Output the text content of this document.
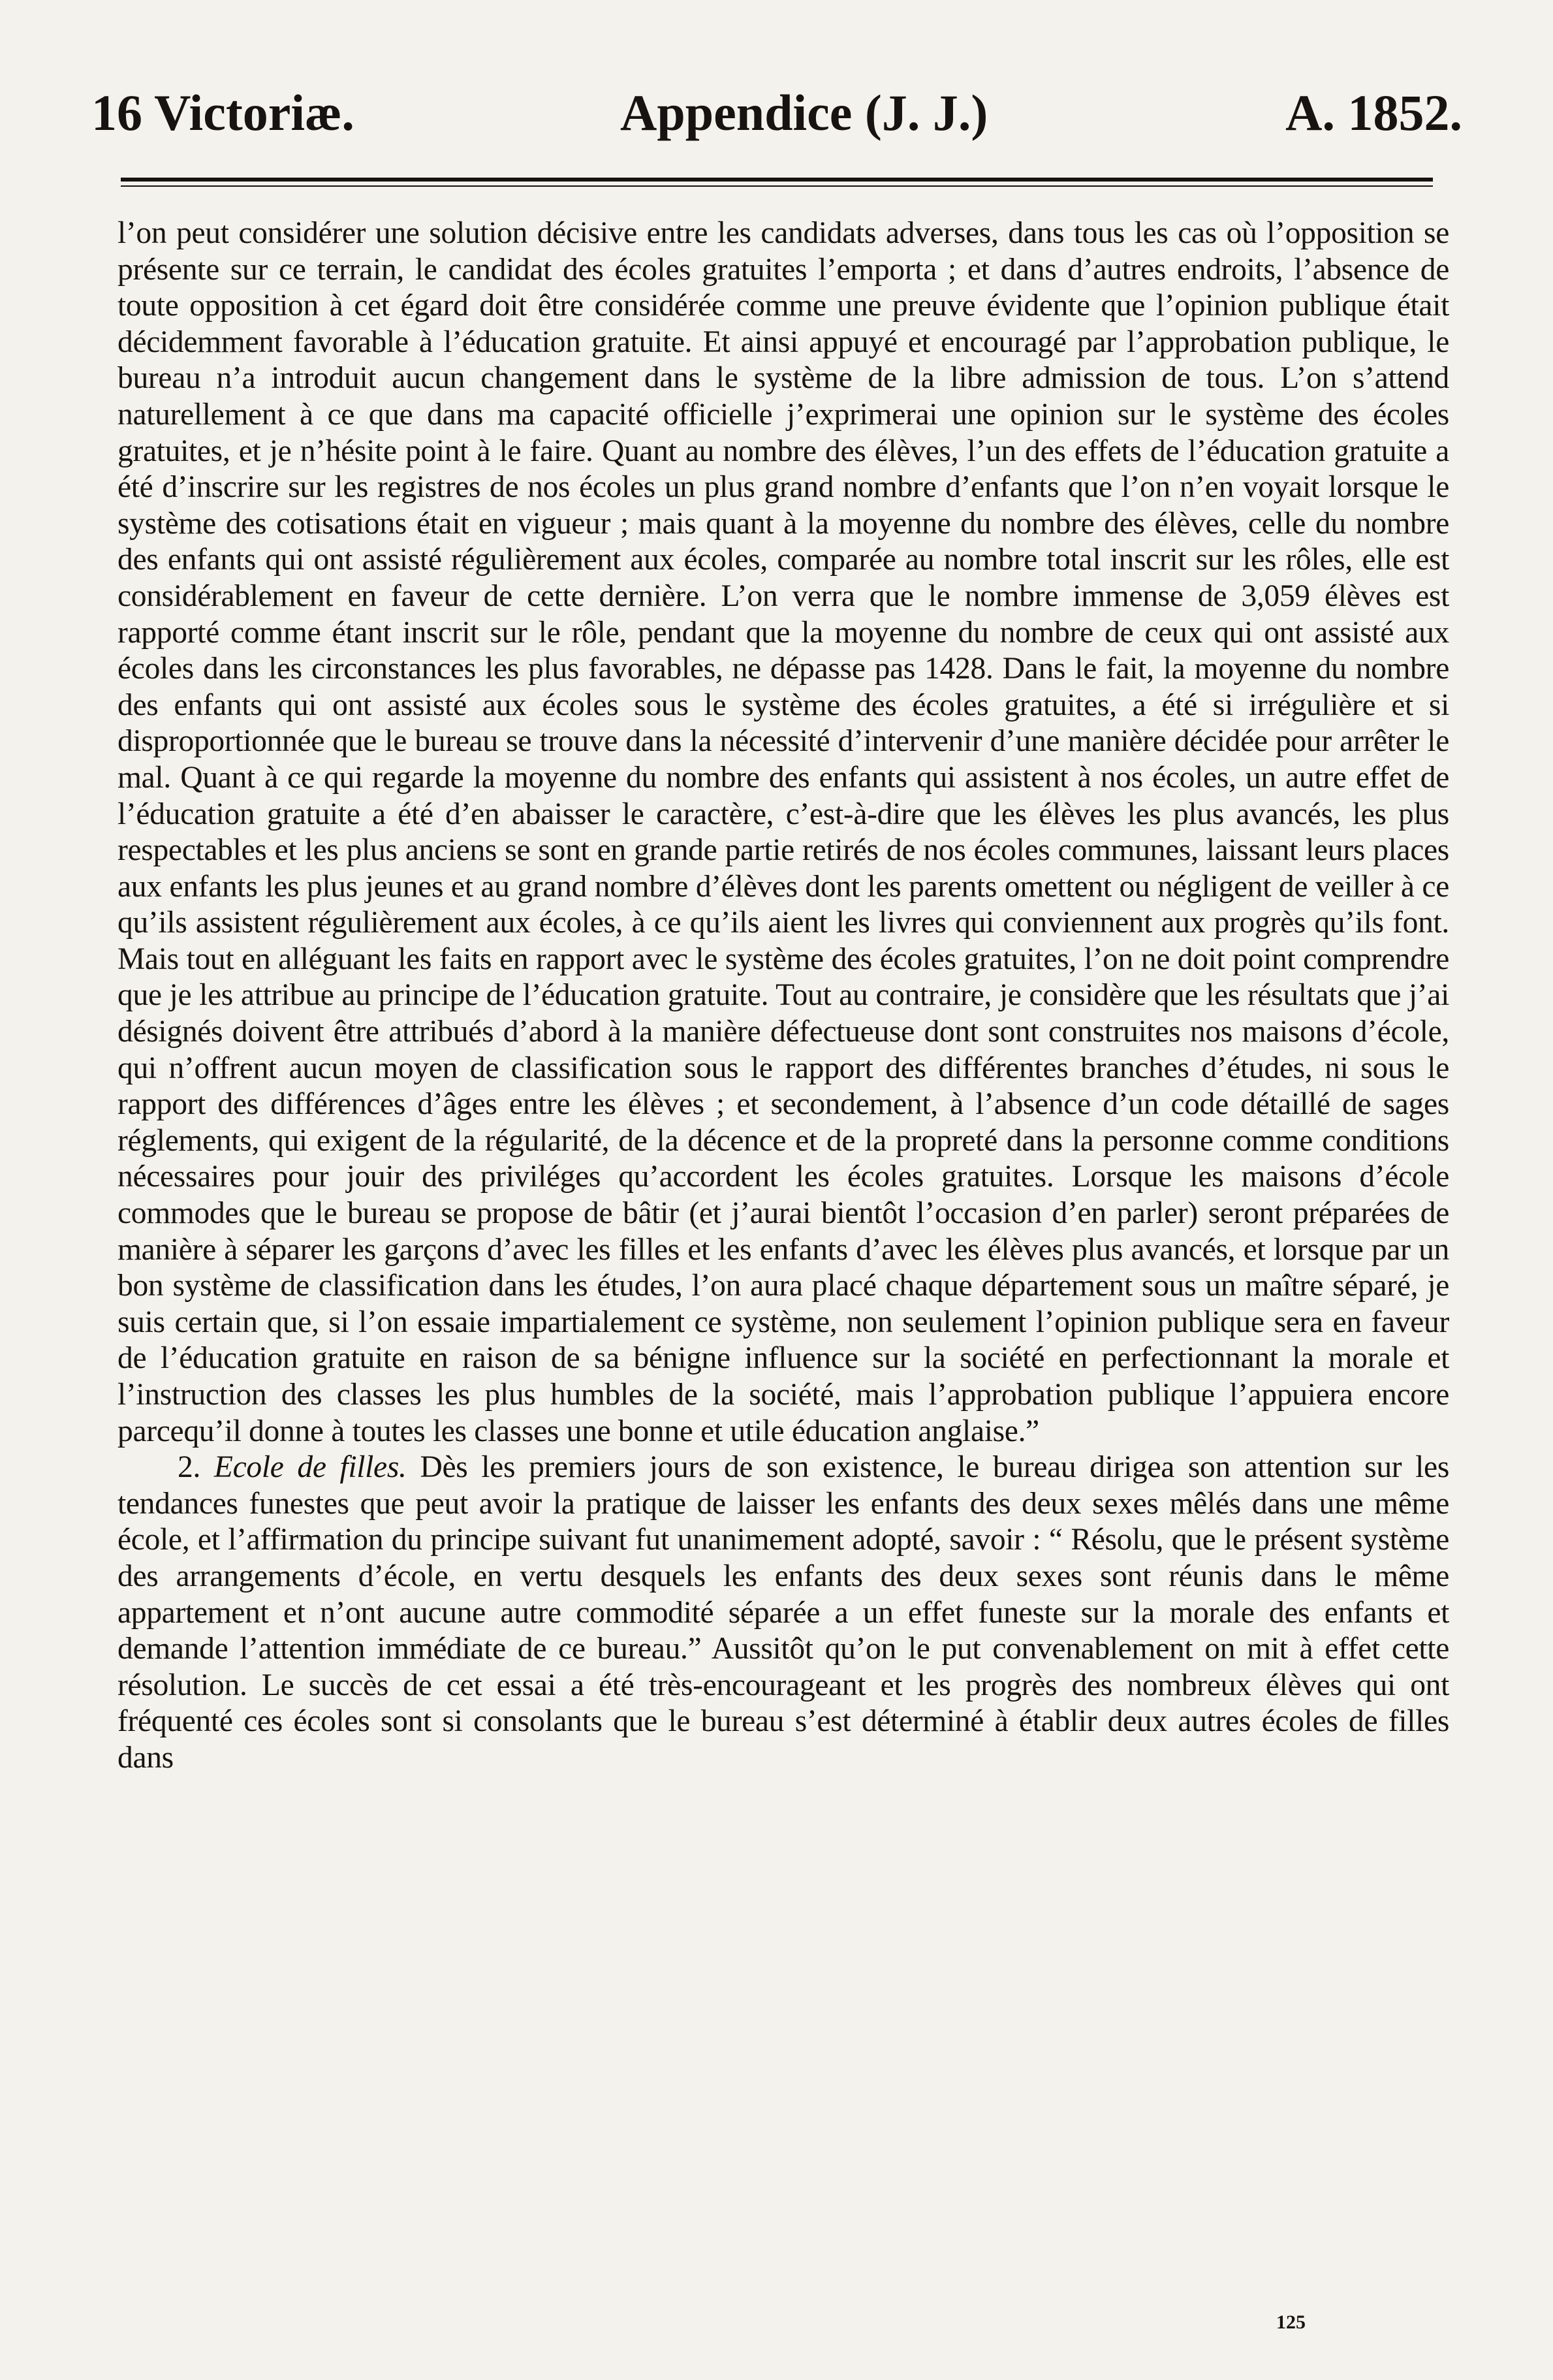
16 Victoriæ.	Appendice (J. J.)	A. 1852.

l’on peut considérer une solution décisive entre les candidats adverses, dans tous les cas où l’opposition se présente sur ce terrain, le candidat des écoles gratuites l’emporta ; et dans d’autres endroits, l’absence de toute opposition à cet égard doit être considérée comme une preuve évidente que l’opinion publique était décidemment favorable à l’éducation gratuite. Et ainsi appuyé et encouragé par l’approbation publique, le bureau n’a introduit aucun changement dans le système de la libre admission de tous. L’on s’attend naturellement à ce que dans ma capacité officielle j’exprimerai une opinion sur le système des écoles gratuites, et je n’hésite point à le faire. Quant au nombre des élèves, l’un des effets de l’éducation gratuite a été d’inscrire sur les registres de nos écoles un plus grand nombre d’enfants que l’on n’en voyait lorsque le système des cotisations était en vigueur ; mais quant à la moyenne du nombre des élèves, celle du nombre des enfants qui ont assisté régulièrement aux écoles, comparée au nombre total inscrit sur les rôles, elle est considérablement en faveur de cette dernière. L’on verra que le nombre immense de 3,059 élèves est rapporté comme étant inscrit sur le rôle, pendant que la moyenne du nombre de ceux qui ont assisté aux écoles dans les circonstances les plus favorables, ne dépasse pas 1428. Dans le fait, la moyenne du nombre des enfants qui ont assisté aux écoles sous le système des écoles gratuites, a été si irrégulière et si disproportionnée que le bureau se trouve dans la nécessité d’intervenir d’une manière décidée pour arrêter le mal. Quant à ce qui regarde la moyenne du nombre des enfants qui assistent à nos écoles, un autre effet de l’éducation gratuite a été d’en abaisser le caractère, c’est-à-dire que les élèves les plus avancés, les plus respectables et les plus anciens se sont en grande partie retirés de nos écoles communes, laissant leurs places aux enfants les plus jeunes et au grand nombre d’élèves dont les parents omettent ou négligent de veiller à ce qu’ils assistent régulièrement aux écoles, à ce qu’ils aient les livres qui conviennent aux progrès qu’ils font. Mais tout en alléguant les faits en rapport avec le système des écoles gratuites, l’on ne doit point comprendre que je les attribue au principe de l’éducation gratuite. Tout au contraire, je considère que les résultats que j’ai désignés doivent être attribués d’abord à la manière défectueuse dont sont construites nos maisons d’école, qui n’offrent aucun moyen de classification sous le rapport des différentes branches d’études, ni sous le rapport des différences d’âges entre les élèves ; et secondement, à l’absence d’un code détaillé de sages réglements, qui exigent de la régularité, de la décence et de la propreté dans la personne comme conditions nécessaires pour jouir des priviléges qu’accordent les écoles gratuites. Lorsque les maisons d’école commodes que le bureau se propose de bâtir (et j’aurai bientôt l’occasion d’en parler) seront préparées de manière à séparer les garçons d’avec les filles et les enfants d’avec les élèves plus avancés, et lorsque par un bon système de classification dans les études, l’on aura placé chaque département sous un maître séparé, je suis certain que, si l’on essaie impartialement ce système, non seulement l’opinion publique sera en faveur de l’éducation gratuite en raison de sa bénigne influence sur la société en perfectionnant la morale et l’instruction des classes les plus humbles de la société, mais l’approbation publique l’appuiera encore parcequ’il donne à toutes les classes une bonne et utile éducation anglaise.”

2. Ecole de filles. Dès les premiers jours de son existence, le bureau dirigea son attention sur les tendances funestes que peut avoir la pratique de laisser les enfants des deux sexes mêlés dans une même école, et l’affirmation du principe suivant fut unanimement adopté, savoir : “ Résolu, que le présent système des arrangements d’école, en vertu desquels les enfants des deux sexes sont réunis dans le même appartement et n’ont aucune autre commodité séparée a un effet funeste sur la morale des enfants et demande l’attention immédiate de ce bureau.” Aussitôt qu’on le put convenablement on mit à effet cette résolution. Le succès de cet essai a été très-encourageant et les progrès des nombreux élèves qui ont fréquenté ces écoles sont si consolants que le bureau s’est déterminé à établir deux autres écoles de filles dans

125
